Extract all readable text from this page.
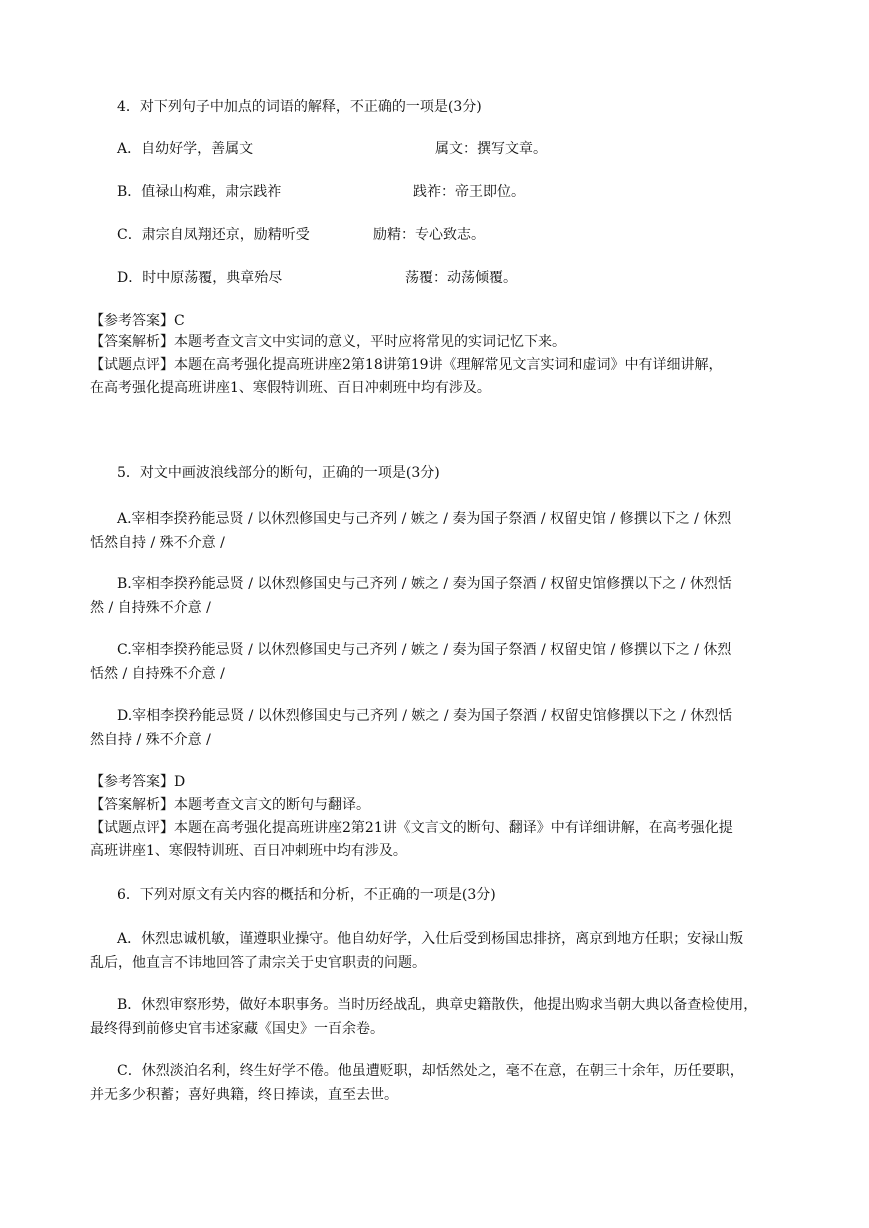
4．对下列句子中加点的词语的解释，不正确的一项是(3分)
A．自幼好学，善属文	属文：撰写文章。
B．值禄山构难，肃宗践祚	践祚：帝王即位。
C．肃宗自凤翔还京，励精听受	励精：专心致志。
D．时中原荡覆，典章殆尽	荡覆：动荡倾覆。
【参考答案】C
【答案解析】本题考查文言文中实词的意义，平时应将常见的实词记忆下来。
【试题点评】本题在高考强化提高班讲座2第18讲第19讲《理解常见文言实词和虚词》中有详细讲解，
在高考强化提高班讲座1、寒假特训班、百日冲刺班中均有涉及。
5．对文中画波浪线部分的断句，正确的一项是(3分)
A.宰相李揆矜能忌贤 / 以休烈修国史与己齐列 / 嫉之 / 奏为国子祭酒 / 权留史馆 / 修撰以下之 / 休烈
恬然自持 / 殊不介意 /
B.宰相李揆矜能忌贤 / 以休烈修国史与己齐列 / 嫉之 / 奏为国子祭酒 / 权留史馆修撰以下之 / 休烈恬
然 / 自持殊不介意 /
C.宰相李揆矜能忌贤 / 以休烈修国史与己齐列 / 嫉之 / 奏为国子祭酒 / 权留史馆 / 修撰以下之 / 休烈
恬然 / 自持殊不介意 /
D.宰相李揆矜能忌贤 / 以休烈修国史与己齐列 / 嫉之 / 奏为国子祭酒 / 权留史馆修撰以下之 / 休烈恬
然自持 / 殊不介意 /
【参考答案】D
【答案解析】本题考查文言文的断句与翻译。
【试题点评】本题在高考强化提高班讲座2第21讲《文言文的断句、翻译》中有详细讲解，在高考强化提
高班讲座1、寒假特训班、百日冲刺班中均有涉及。
6．下列对原文有关内容的概括和分析，不正确的一项是(3分)
A．休烈忠诚机敏，谨遵职业操守。他自幼好学，入仕后受到杨国忠排挤，离京到地方任职；安禄山叛
乱后，他直言不讳地回答了肃宗关于史官职责的问题。
B．休烈审察形势，做好本职事务。当时历经战乱，典章史籍散佚，他提出购求当朝大典以备查检使用，
最终得到前修史官韦述家藏《国史》一百余卷。
C．休烈淡泊名利，终生好学不倦。他虽遭贬职，却恬然处之，毫不在意，在朝三十余年，历任要职，
并无多少积蓄；喜好典籍，终日捧读，直至去世。
